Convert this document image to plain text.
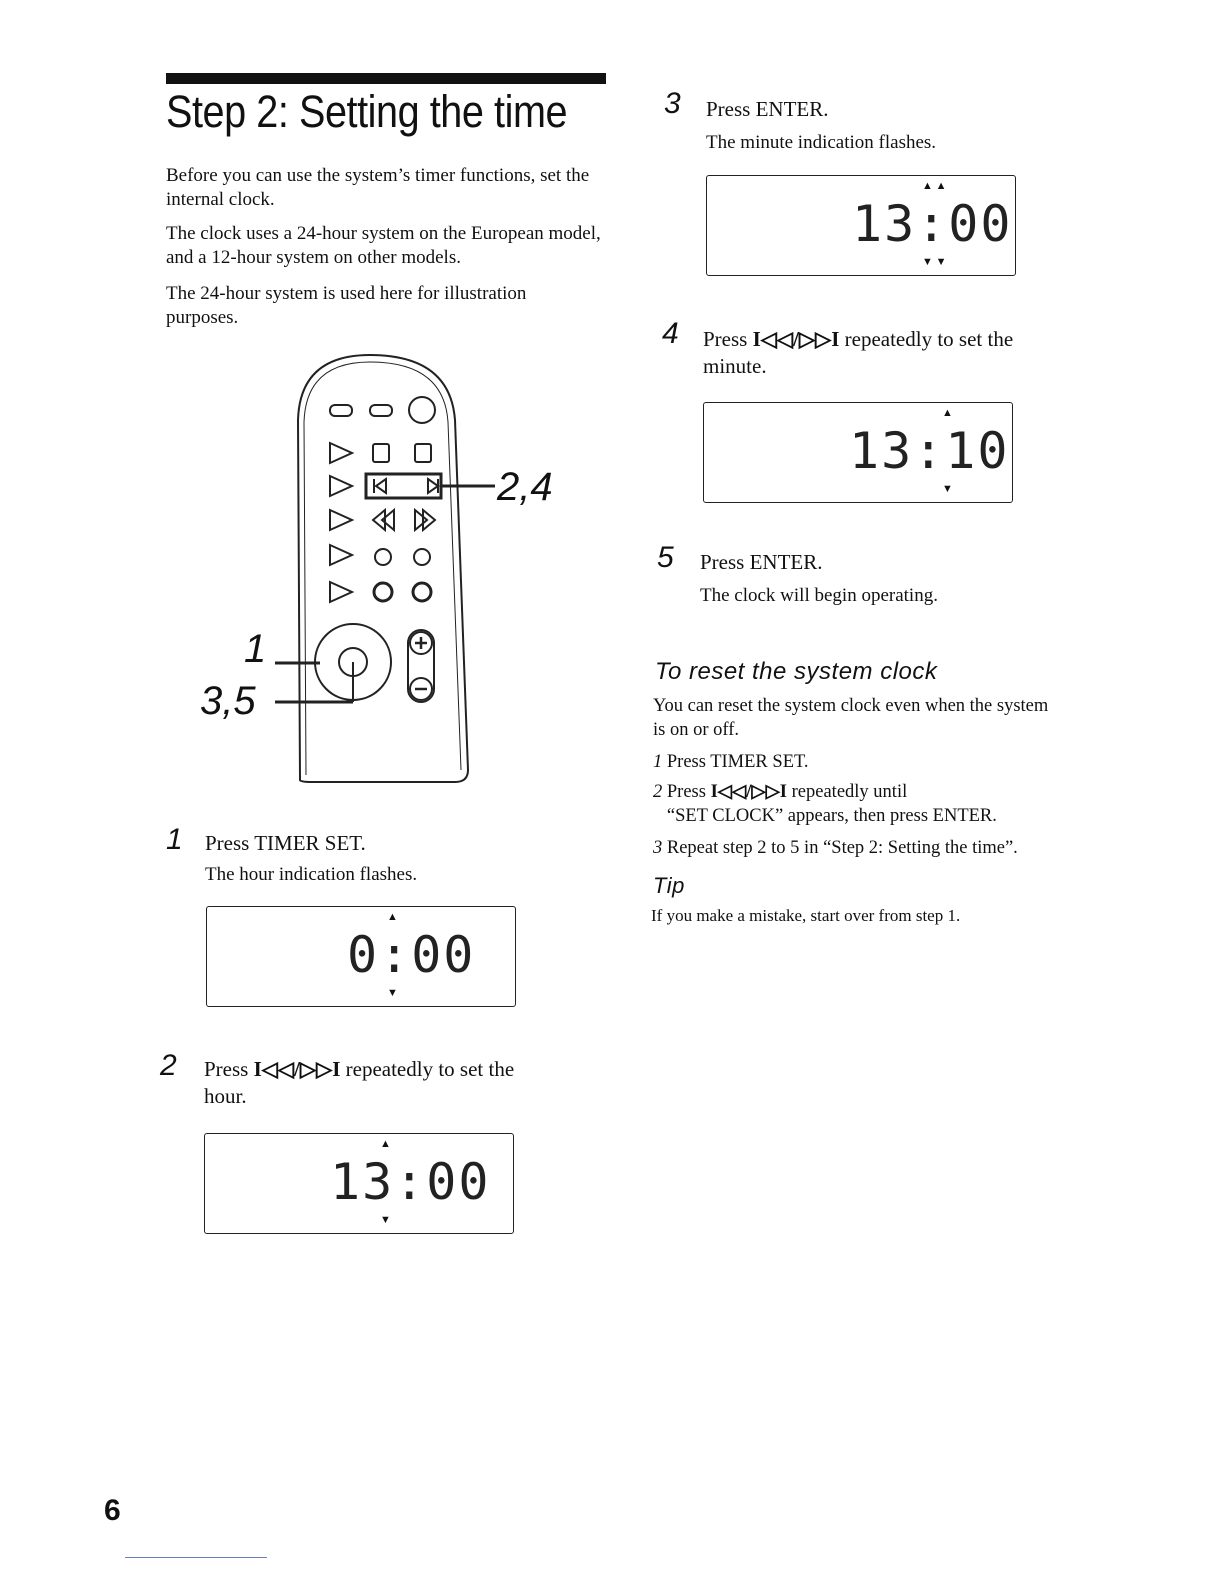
Step 2: Setting the time
Before you can use the system’s timer functions, set the internal clock.
The clock uses a 24-hour system on the European model, and a 12-hour system on other models.
The 24-hour system is used here for illustration purposes.
2,4
1
3,5
1 Press TIMER SET.
The hour indication flashes.
0:00
▲
▼
2 Press I◁◁/▷▷I repeatedly to set the
hour.
13:00
▲
▼
3 Press ENTER.
The minute indication flashes.
13:00
▲ ▲
▼ ▼
4 Press I◁◁/▷▷I repeatedly to set the
minute.
13:10
▲
▼
5 Press ENTER.
The clock will begin operating.
To reset the system clock
You can reset the system clock even when the system is on or off.
1 Press TIMER SET.
2 Press I◁◁/▷▷I repeatedly until
“SET CLOCK” appears, then press ENTER.
3 Repeat step 2 to 5 in “Step 2: Setting the time”.
Tip
If you make a mistake, start over from step 1.
6
